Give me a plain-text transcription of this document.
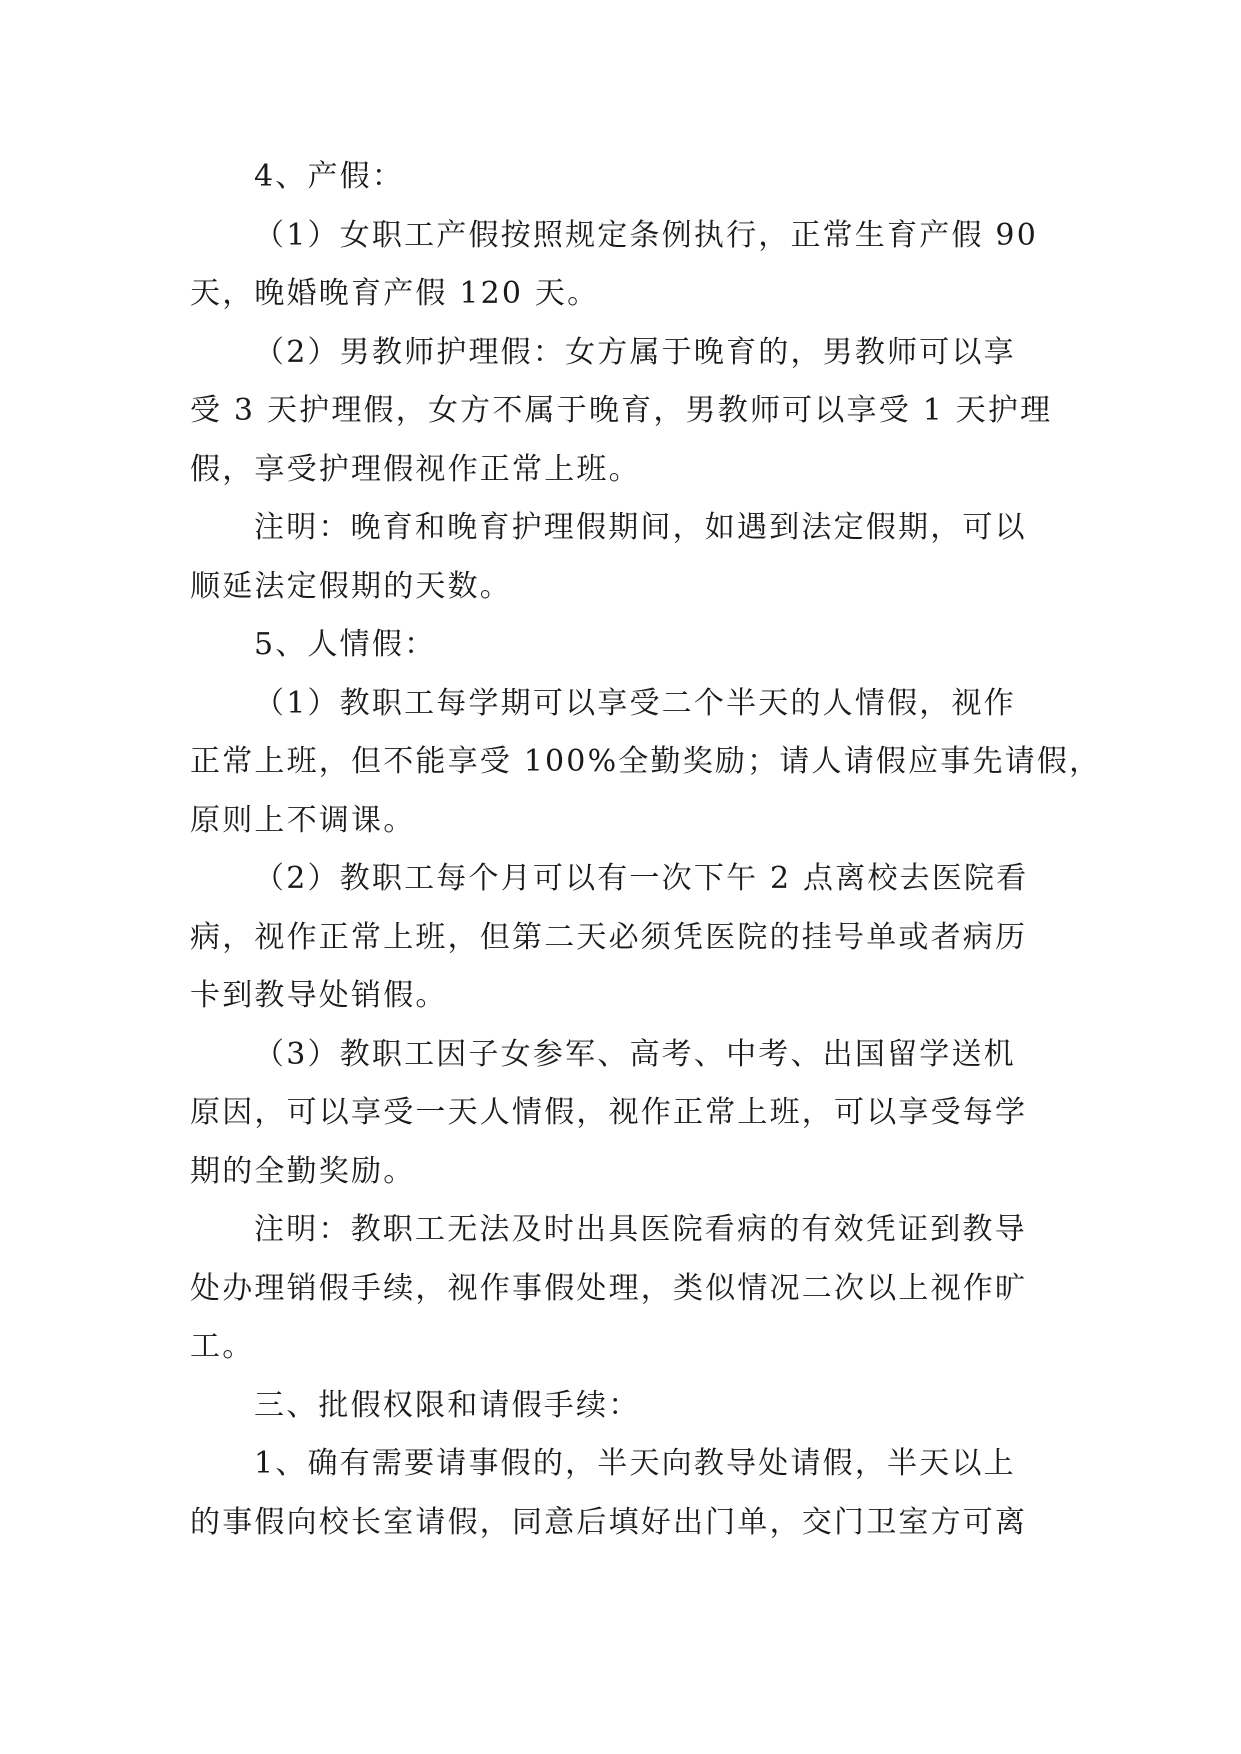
4、产假：
（1）女职工产假按照规定条例执行，正常生育产假 90
天，晚婚晚育产假 120 天。
（2）男教师护理假：女方属于晚育的，男教师可以享
受 3 天护理假，女方不属于晚育，男教师可以享受 1 天护理
假，享受护理假视作正常上班。
注明：晚育和晚育护理假期间，如遇到法定假期，可以
顺延法定假期的天数。
5、人情假：
（1）教职工每学期可以享受二个半天的人情假，视作
正常上班，但不能享受 100%全勤奖励；请人请假应事先请假，
原则上不调课。
（2）教职工每个月可以有一次下午 2 点离校去医院看
病，视作正常上班，但第二天必须凭医院的挂号单或者病历
卡到教导处销假。
（3）教职工因子女参军、高考、中考、出国留学送机
原因，可以享受一天人情假，视作正常上班，可以享受每学
期的全勤奖励。
注明：教职工无法及时出具医院看病的有效凭证到教导
处办理销假手续，视作事假处理，类似情况二次以上视作旷
工。
三、批假权限和请假手续：
1、确有需要请事假的，半天向教导处请假，半天以上
的事假向校长室请假，同意后填好出门单，交门卫室方可离
